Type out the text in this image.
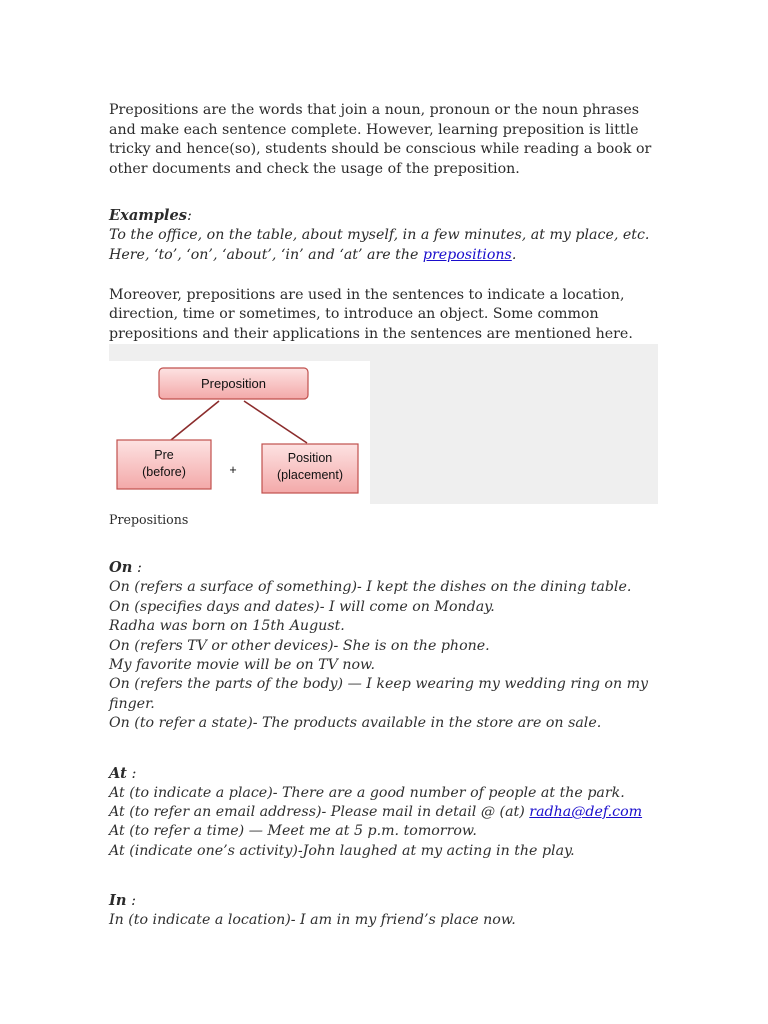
Prepositions are the words that join a noun, pronoun or the noun phrases and make each sentence complete. However, learning preposition is little tricky and hence(so), students should be conscious while reading a book or other documents and check the usage of the preposition.

Examples:

To the office, on the table, about myself, in a few minutes, at my place, etc.

Here, ‘to’, ‘on’, ‘about’, ‘in’ and ‘at’ are the prepositions.

Moreover, prepositions are used in the sentences to indicate a location, direction, time or sometimes, to introduce an object. Some common prepositions and their applications in the sentences are mentioned here.

Preposition
Pre
(before)	+
Position
(placement)

Prepositions

On :

On (refers a surface of something)- I kept the dishes on the dining table.

On (specifies days and dates)- I will come on Monday.

Radha was born on 15th August.

On (refers TV or other devices)- She is on the phone.

My favorite movie will be on TV now.

On (refers the parts of the body) — I keep wearing my wedding ring on my

finger.

On (to refer a state)- The products available in the store are on sale.

At :

At (to indicate a place)- There are a good number of people at the park.

At (to refer an email address)- Please mail in detail @ (at) radha@def.com

At (to refer a time) — Meet me at 5 p.m. tomorrow.

At (indicate one’s activity)-John laughed at my acting in the play.

In :

In (to indicate a location)- I am in my friend’s place now.
